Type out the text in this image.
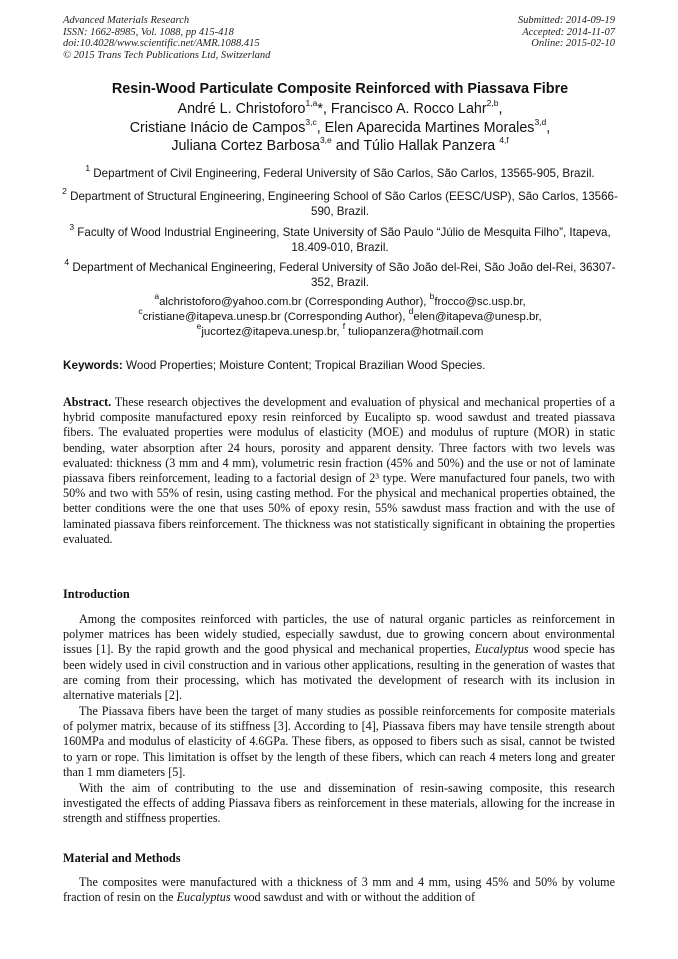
Advanced Materials Research
ISSN: 1662-8985, Vol. 1088, pp 415-418
doi:10.4028/www.scientific.net/AMR.1088.415
© 2015 Trans Tech Publications Ltd, Switzerland
Submitted: 2014-09-19
Accepted: 2014-11-07
Online: 2015-02-10
Resin-Wood Particulate Composite Reinforced with Piassava Fibre
André L. Christoforo$^{1,a}$*, Francisco A. Rocco Lahr$^{2,b}$,
Cristiane Inácio de Campos$^{3,c}$, Elen Aparecida Martines Morales$^{3,d}$,
Juliana Cortez Barbosa$^{3,e}$ and Túlio Hallak Panzera $^{4,f}$
$^1$ Department of Civil Engineering, Federal University of São Carlos, São Carlos, 13565-905, Brazil.
$^2$ Department of Structural Engineering, Engineering School of São Carlos (EESC/USP), São Carlos, 13566-590, Brazil.
$^3$ Faculty of Wood Industrial Engineering, State University of São Paulo “Júlio de Mesquita Filho”, Itapeva, 18.409-010, Brazil.
$^4$ Department of Mechanical Engineering, Federal University of São João del-Rei, São João del-Rei, 36307-352, Brazil.
$^a$alchristoforo@yahoo.com.br (Corresponding Author), $^b$frocco@sc.usp.br,
$^c$cristiane@itapeva.unesp.br (Corresponding Author), $^d$elen@itapeva@unesp.br,
$^e$jucortez@itapeva.unesp.br, $^f$ tuliopanzera@hotmail.com
Keywords: Wood Properties; Moisture Content; Tropical Brazilian Wood Species.
Abstract. These research objectives the development and evaluation of physical and mechanical properties of a hybrid composite manufactured epoxy resin reinforced by Eucalipto sp. wood sawdust and treated piassava fibers. The evaluated properties were modulus of elasticity (MOE) and modulus of rupture (MOR) in static bending, water absorption after 24 hours, porosity and apparent density. Three factors with two levels was evaluated: thickness (3 mm and 4 mm), volumetric resin fraction (45% and 50%) and the use or not of laminate piassava fibers reinforcement, leading to a factorial design of 2³ type. Were manufactured four panels, two with 50% and two with 55% of resin, using casting method. For the physical and mechanical properties obtained, the better conditions were the one that uses 50% of epoxy resin, 55% sawdust mass fraction and with the use of laminated piassava fibers reinforcement. The thickness was not statistically significant in obtaining the properties evaluated.
Introduction
Among the composites reinforced with particles, the use of natural organic particles as reinforcement in polymer matrices has been widely studied, especially sawdust, due to growing concern about environmental issues [1]. By the rapid growth and the good physical and mechanical properties, Eucalyptus wood specie has been widely used in civil construction and in various other applications, resulting in the generation of wastes that are coming from their processing, which has motivated the development of research with its inclusion in alternative materials [2].
The Piassava fibers have been the target of many studies as possible reinforcements for composite materials of polymer matrix, because of its stiffness [3]. According to [4], Piassava fibers may have tensile strength about 160MPa and modulus of elasticity of 4.6GPa. These fibers, as opposed to fibers such as sisal, cannot be twisted to yarn or rope. This limitation is offset by the length of these fibers, which can reach 4 meters long and greater than 1 mm diameters [5].
With the aim of contributing to the use and dissemination of resin-sawing composite, this research investigated the effects of adding Piassava fibers as reinforcement in these materials, allowing for the increase in strength and stiffness properties.
Material and Methods
The composites were manufactured with a thickness of 3 mm and 4 mm, using 45% and 50% by volume fraction of resin on the Eucalyptus wood sawdust and with or without the addition of
